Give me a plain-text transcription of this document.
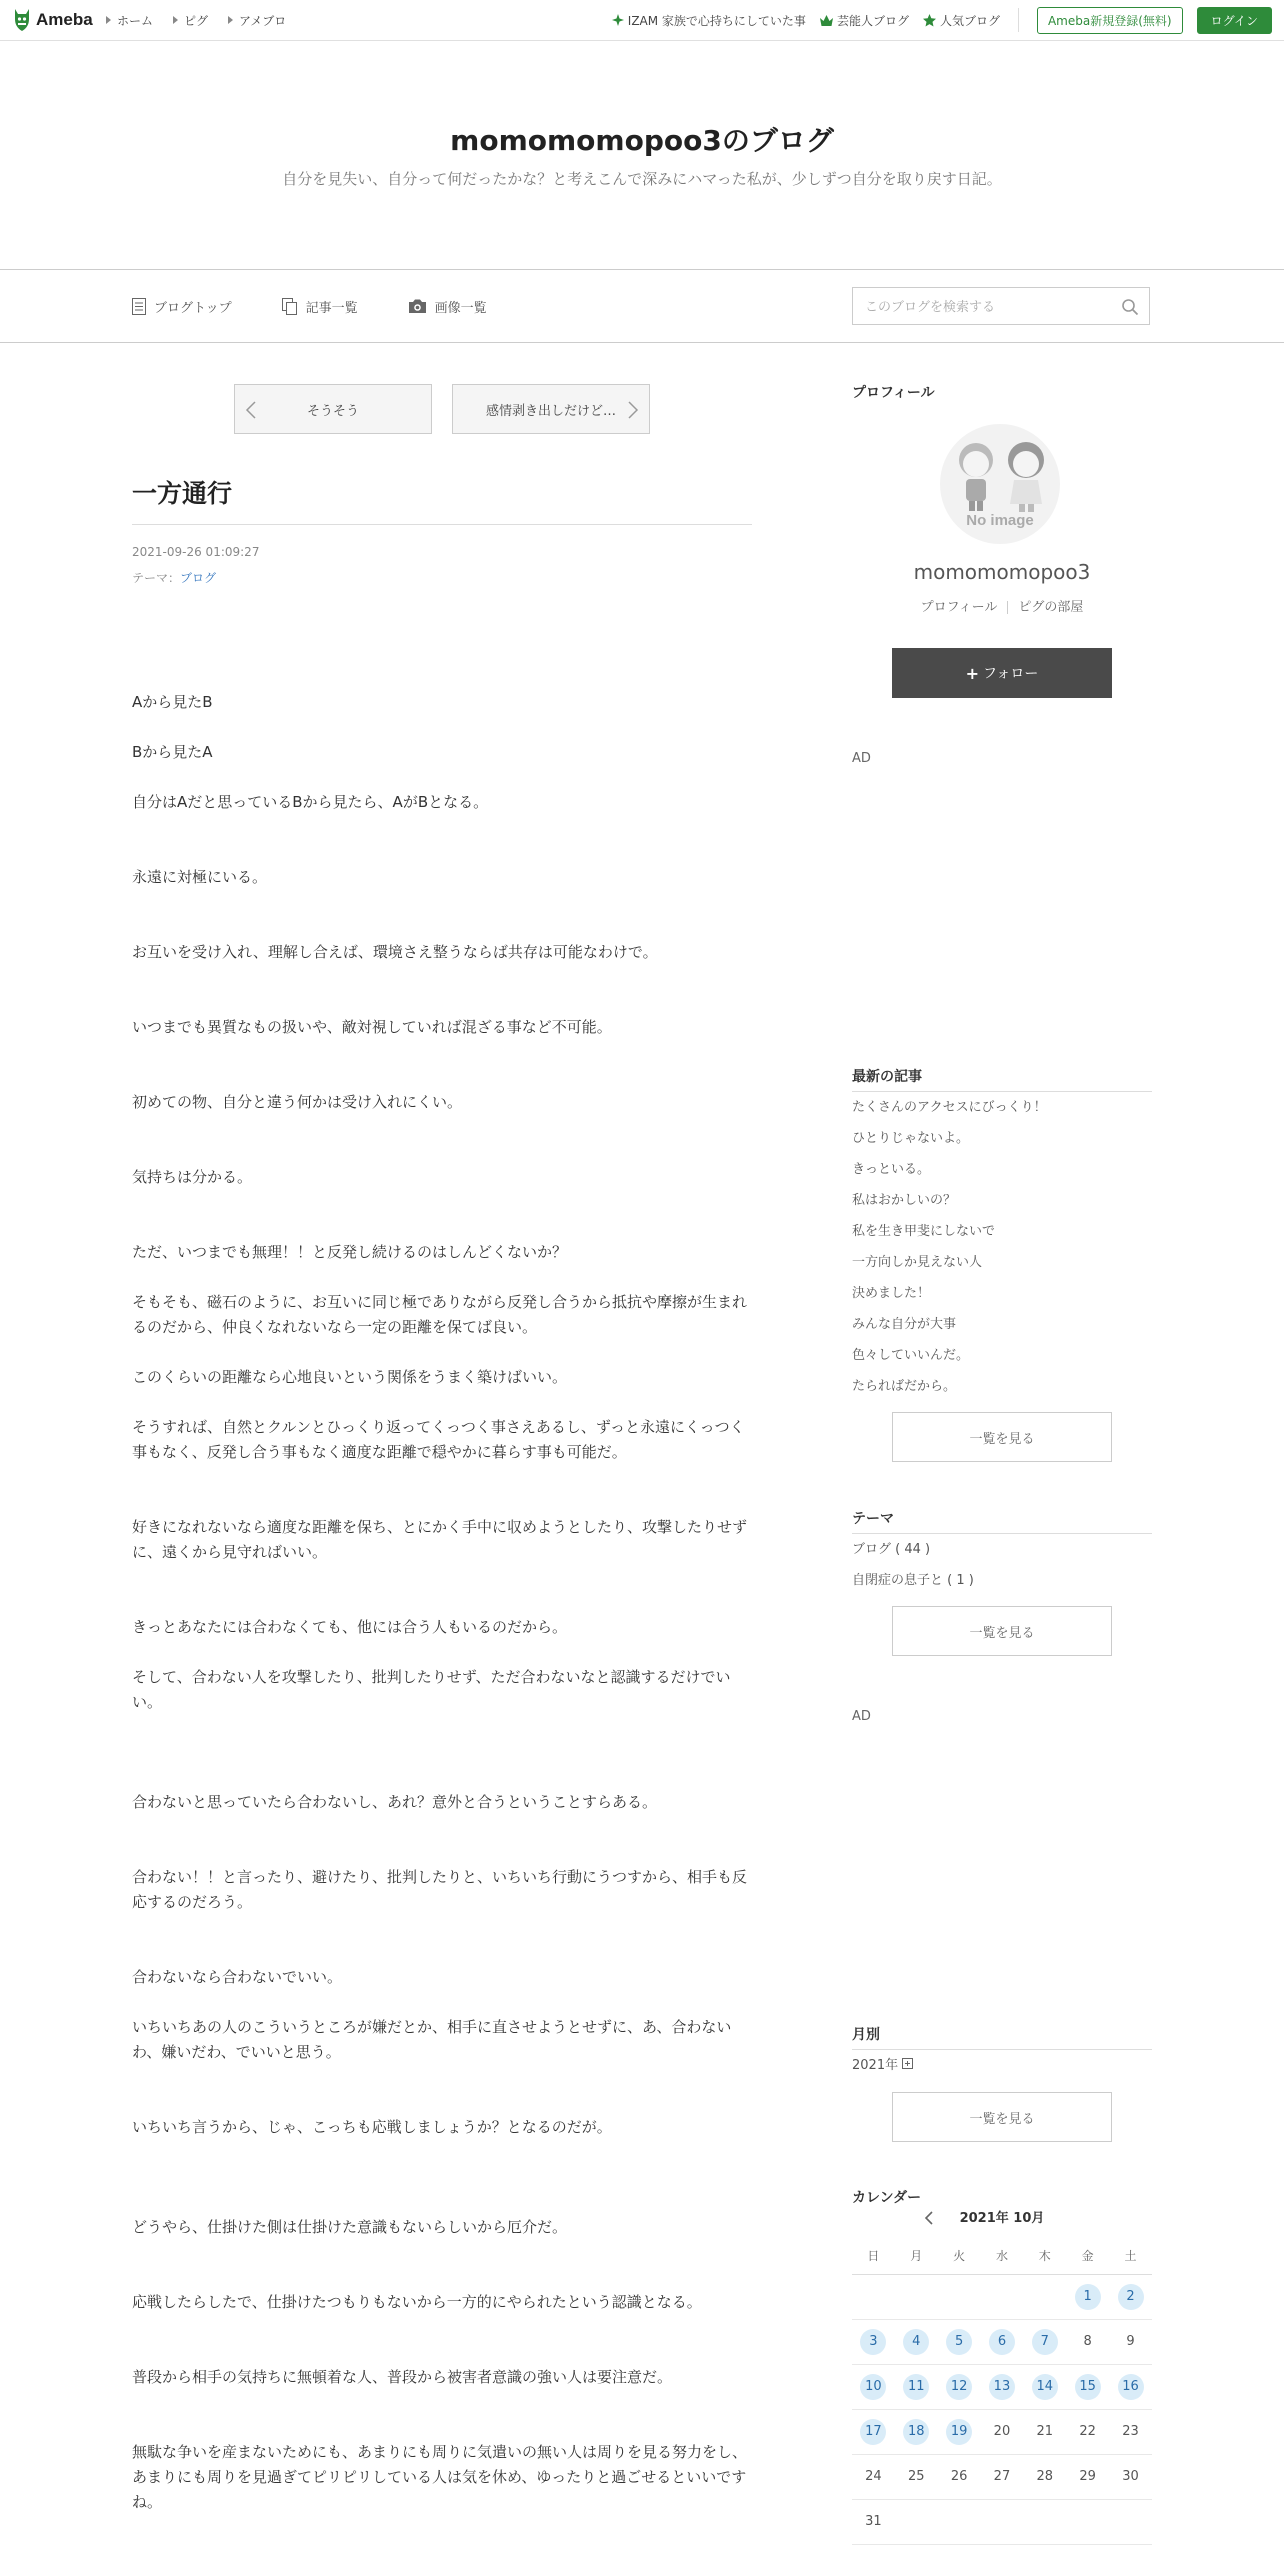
Ameba ホーム	ピグ	アメブロ	IZAM 家族で心持ちにしていた事	芸能人ブログ	人気ブログ	Ameba新規登録(無料)	ログイン
momomomopoo3のブログ
自分を見失い、自分って何だったかな？と考えこんで深みにハマった私が、少しずつ自分を取り戻す日記。
ブログトップ	記事一覧	画像一覧
このブログを検索する
そうそう	感情剥き出しだけど…
一方通行
2021-09-26 01:09:27
テーマ：ブログ

Aから見たB

Bから見たA

自分はAだと思っているBから見たら、AがBとなる。

永遠に対極にいる。

お互いを受け入れ、理解し合えば、環境さえ整うならば共存は可能なわけで。

いつまでも異質なもの扱いや、敵対視していれば混ざる事など不可能。

初めての物、自分と違う何かは受け入れにくい。

気持ちは分かる。

ただ、いつまでも無理！！と反発し続けるのはしんどくないか？

そもそも、磁石のように、お互いに同じ極でありながら反発し合うから抵抗や摩擦が生まれるのだから、仲良くなれないなら一定の距離を保てば良い。

このくらいの距離なら心地良いという関係をうまく築けばいい。

そうすれば、自然とクルンとひっくり返ってくっつく事さえあるし、ずっと永遠にくっつく事もなく、反発し合う事もなく適度な距離で穏やかに暮らす事も可能だ。

好きになれないなら適度な距離を保ち、とにかく手中に収めようとしたり、攻撃したりせずに、遠くから見守ればいい。

きっとあなたには合わなくても、他には合う人もいるのだから。

そして、合わない人を攻撃したり、批判したりせず、ただ合わないなと認識するだけでいい。

合わないと思っていたら合わないし、あれ？意外と合うということすらある。

合わない！！と言ったり、避けたり、批判したりと、いちいち行動にうつすから、相手も反応するのだろう。

合わないなら合わないでいい。

いちいちあの人のこういうところが嫌だとか、相手に直させようとせずに、あ、合わないわ、嫌いだわ、でいいと思う。

いちいち言うから、じゃ、こっちも応戦しましょうか？となるのだが。

どうやら、仕掛けた側は仕掛けた意識もないらしいから厄介だ。

応戦したらしたで、仕掛けたつもりもないから一方的にやられたという認識となる。

普段から相手の気持ちに無頓着な人、普段から被害者意識の強い人は要注意だ。

無駄な争いを産まないためにも、あまりにも周りに気遣いの無い人は周りを見る努力をし、あまりにも周りを見過ぎてピリピリしている人は気を休め、ゆったりと過ごせるといいですね。

プロフィール
No image
momomomopoo3
プロフィール ピグの部屋
+ フォロー
AD
最新の記事
たくさんのアクセスにびっくり！
ひとりじゃないよ。
きっといる。
私はおかしいの？
私を生き甲斐にしないで
一方向しか見えない人
決めました！
みんな自分が大事
色々していいんだ。
たらればだから。
一覧を見る
テーマ
ブログ ( 44 )
自閉症の息子と ( 1 )
一覧を見る
AD
月別
2021年
一覧を見る
カレンダー
2021年 10月
日	月	火	水	木	金	土
					1	2
3	4	5	6	7	8	9
10	11	12	13	14	15	16
17	18	19	20	21	22	23
24	25	26	27	28	29	30
31						
